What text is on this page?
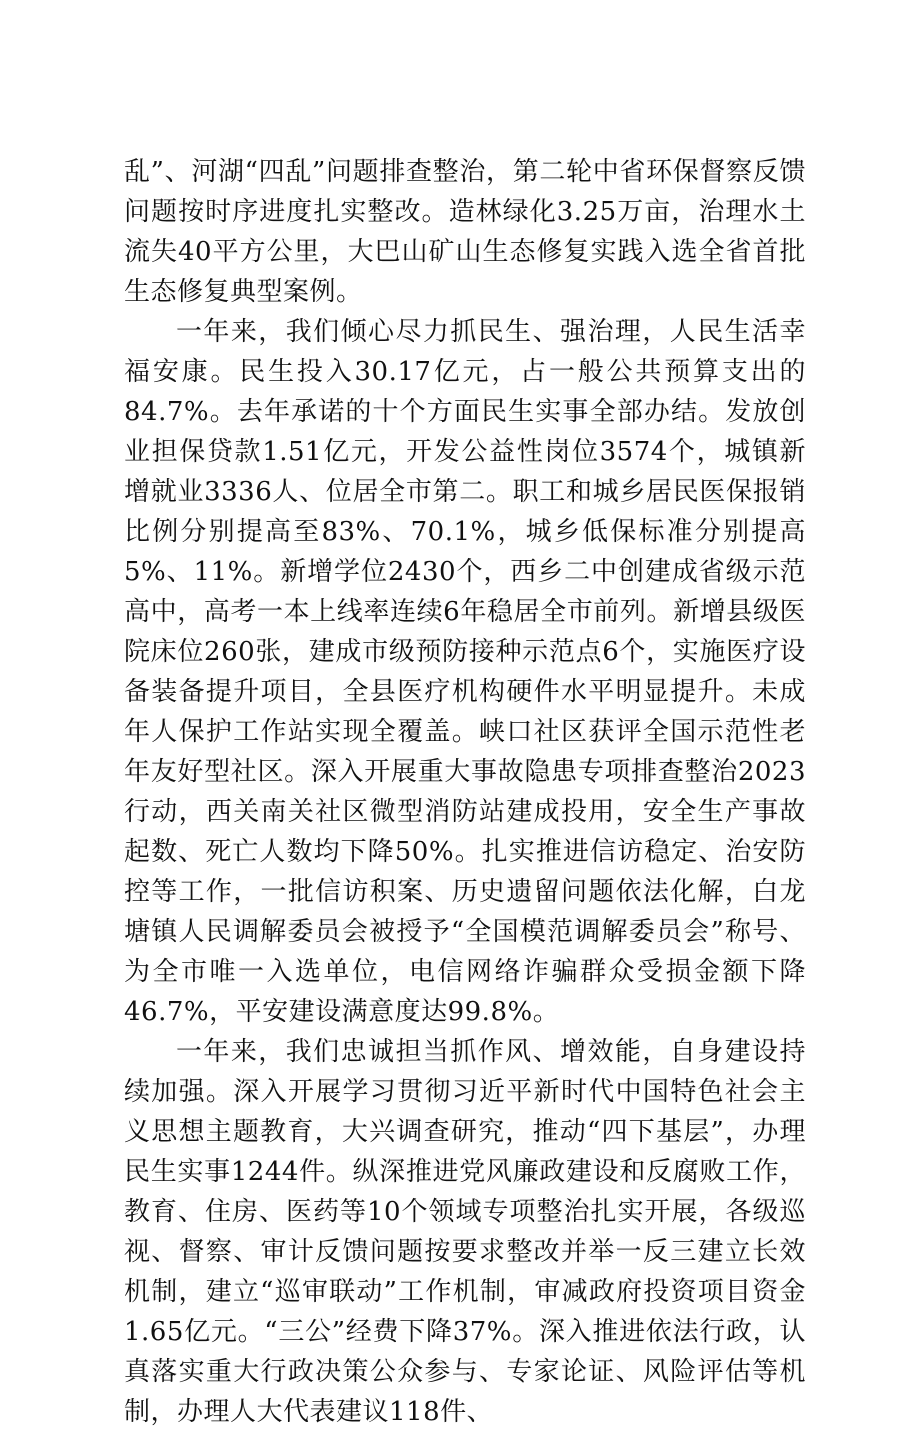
乱”、河湖“四乱”问题排查整治，第二轮中省环保督察反馈问题按时序进度扎实整改。造林绿化3.25万亩，治理水土流失40平方公里，大巴山矿山生态修复实践入选全省首批生态修复典型案例。

一年来，我们倾心尽力抓民生、强治理，人民生活幸福安康。民生投入30.17亿元，占一般公共预算支出的84.7%。去年承诺的十个方面民生实事全部办结。发放创业担保贷款1.51亿元，开发公益性岗位3574个，城镇新增就业3336人、位居全市第二。职工和城乡居民医保报销比例分别提高至83%、70.1%，城乡低保标准分别提高5%、11%。新增学位2430个，西乡二中创建成省级示范高中，高考一本上线率连续6年稳居全市前列。新增县级医院床位260张，建成市级预防接种示范点6个，实施医疗设备装备提升项目，全县医疗机构硬件水平明显提升。未成年人保护工作站实现全覆盖。峡口社区获评全国示范性老年友好型社区。深入开展重大事故隐患专项排查整治2023行动，西关南关社区微型消防站建成投用，安全生产事故起数、死亡人数均下降50%。扎实推进信访稳定、治安防控等工作，一批信访积案、历史遗留问题依法化解，白龙塘镇人民调解委员会被授予“全国模范调解委员会”称号、为全市唯一入选单位，电信网络诈骗群众受损金额下降46.7%，平安建设满意度达99.8%。

一年来，我们忠诚担当抓作风、增效能，自身建设持续加强。深入开展学习贯彻习近平新时代中国特色社会主义思想主题教育，大兴调查研究，推动“四下基层”，办理民生实事1244件。纵深推进党风廉政建设和反腐败工作，教育、住房、医药等10个领域专项整治扎实开展，各级巡视、督察、审计反馈问题按要求整改并举一反三建立长效机制，建立“巡审联动”工作机制，审减政府投资项目资金1.65亿元。“三公”经费下降37%。深入推进依法行政，认真落实重大行政决策公众参与、专家论证、风险评估等机制，办理人大代表建议118件、
